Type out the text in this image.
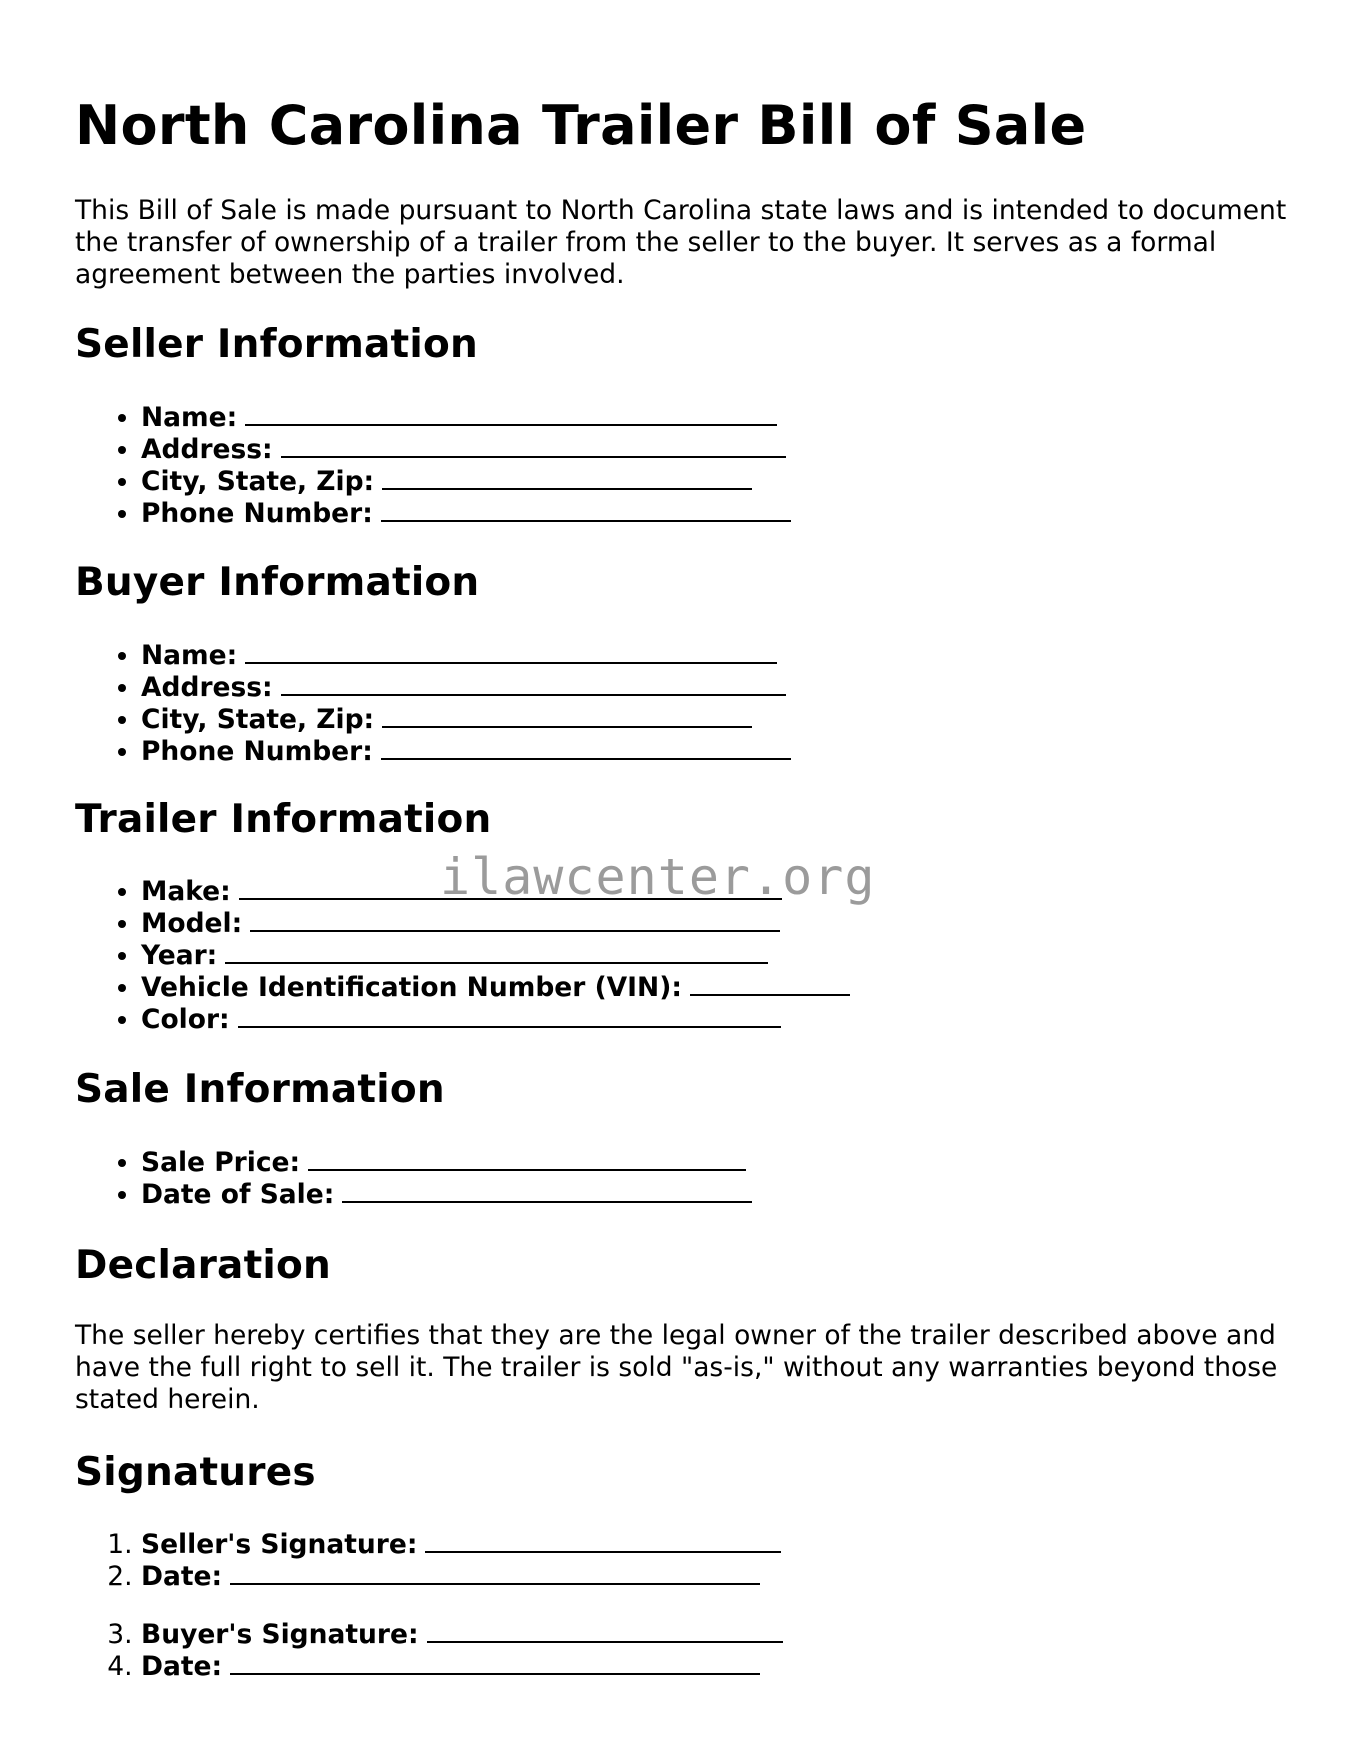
North Carolina Trailer Bill of Sale

This Bill of Sale is made pursuant to North Carolina state laws and is intended to document the transfer of ownership of a trailer from the seller to the buyer. It serves as a formal agreement between the parties involved.

Seller Information
• Name:
• Address:
• City, State, Zip:
• Phone Number:
Buyer Information
• Name:
• Address:
• City, State, Zip:
• Phone Number:
Trailer Information
• Make:
• Model:
• Year:
• Vehicle Identification Number (VIN):
• Color:
Sale Information
• Sale Price:
• Date of Sale:
Declaration

The seller hereby certifies that they are the legal owner of the trailer described above and have the full right to sell it. The trailer is sold "as-is," without any warranties beyond those stated herein.

Signatures
1. Seller's Signature:
2. Date:
3. Buyer's Signature:
4. Date:
ilawcenter.org
